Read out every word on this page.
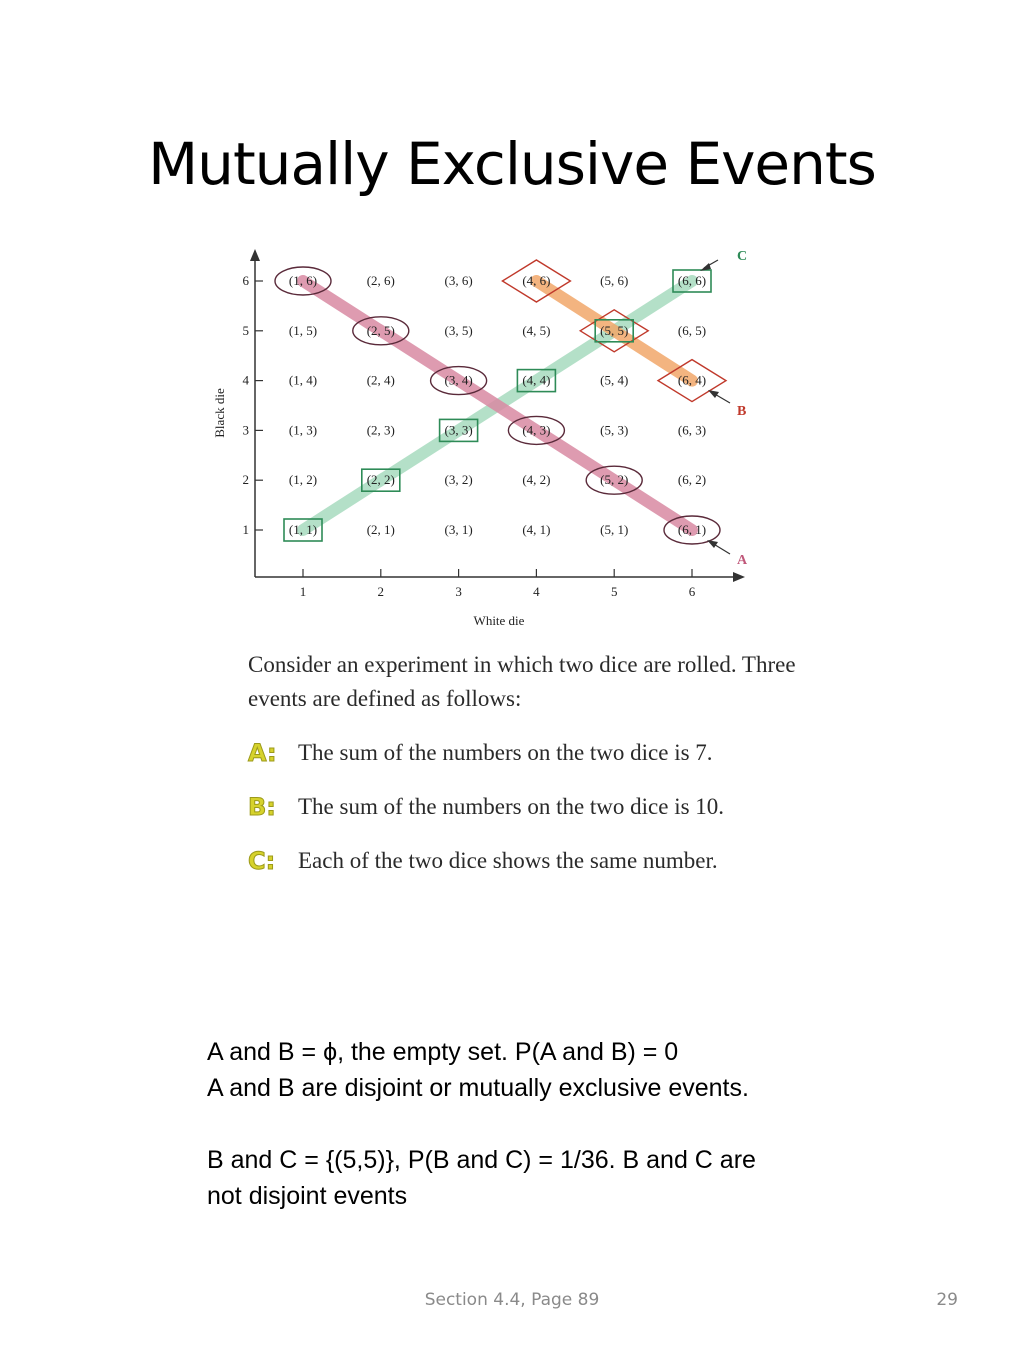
Mutually Exclusive Events
1	2	3	4	5	6
1
2
3
4
5
6
White die
Black die
(1, 1)	(2, 1)	(3, 1)	(4, 1)	(5, 1)	(6, 1)
(1, 2)	(2, 2)	(3, 2)	(4, 2)	(5, 2)	(6, 2)
(1, 3)	(2, 3)	(3, 3)	(4, 3)	(5, 3)	(6, 3)
(1, 4)	(2, 4)	(3, 4)	(4, 4)	(5, 4)	(6, 4)
(1, 5)	(2, 5)	(3, 5)	(4, 5)	(5, 5)	(6, 5)
(1, 6)	(2, 6)	(3, 6)	(4, 6)	(5, 6)	(6, 6)
C
B
A

Consider an experiment in which two dice are rolled. Three events are defined as follows:

A: The sum of the numbers on the two dice is 7.
B: The sum of the numbers on the two dice is 10.
C: Each of the two dice shows the same number.

A and B = ϕ, the empty set. P(A and B) = 0

A and B are disjoint or mutually exclusive events.

B and C = {(5,5)}, P(B and C) = 1/36. B and C are

not disjoint events

Section 4.4, Page 89	29
